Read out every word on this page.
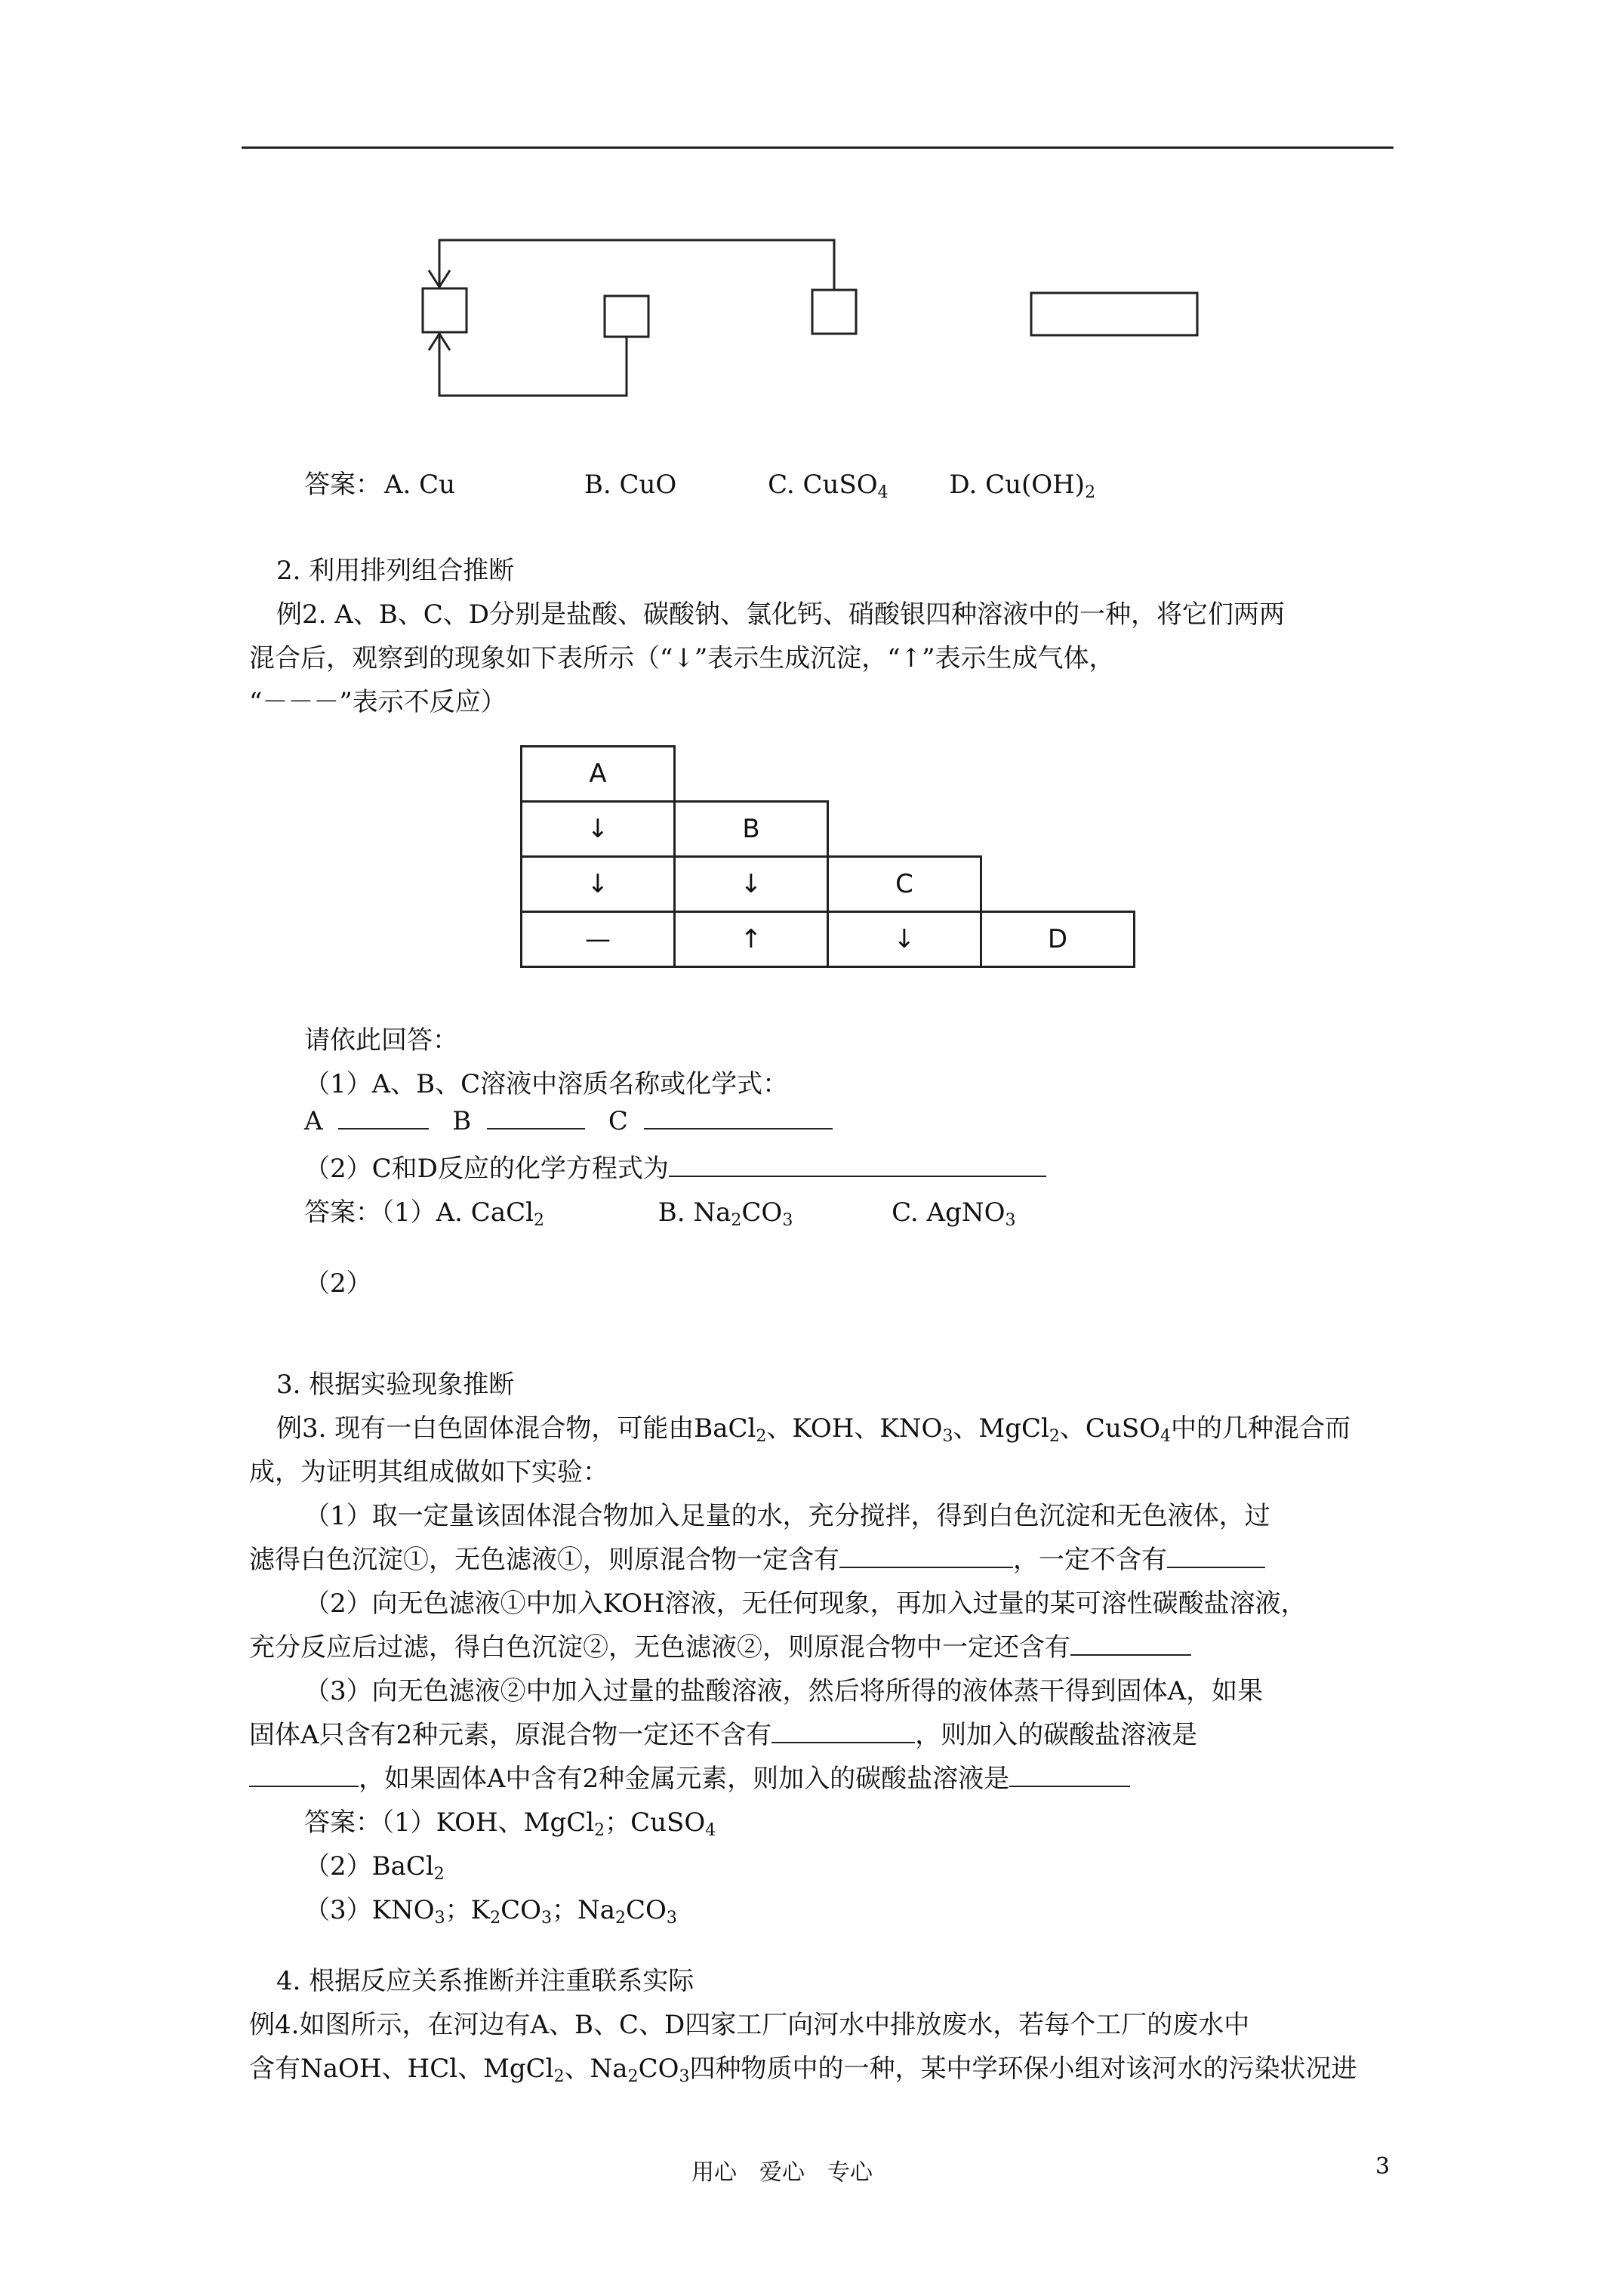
答案： A. Cu	B. CuO	C. CuSO$_4$ D. $Cu(OH)_2$
2. 利用排列组合推断
例2. A、B、C、D分别是盐酸、碳酸钠、氯化钙、硝酸银四种溶液中的一种，将它们两两
混合后，观察到的现象如下表所示（“↓”表示生成沉淀，“↑”表示生成气体，
“－－－”表示不反应）
A			
↓	B		
↓	↓	C	
—	↑	↓	D
请依此回答：
（1）A、B、C溶液中溶质名称或化学式：
A	B	C
（2）C和D反应的化学方程式为
答案：（1）A. CaCl$_2$	B. $Na_2CO_3$	C. AgNO$_3$
（2）
3. 根据实验现象推断
例3. 现有一白色固体混合物，可能由BaCl$_2$、KOH、$KNO_3$、MgCl$_2$、CuSO$_4$中的几种混合而
成，为证明其组成做如下实验：
（1）取一定量该固体混合物加入足量的水，充分搅拌，得到白色沉淀和无色液体，过
滤得白色沉淀①，无色滤液①，则原混合物一定含有	，一定不含有
（2）向无色滤液①中加入KOH溶液，无任何现象，再加入过量的某可溶性碳酸盐溶液，
充分反应后过滤，得白色沉淀②，无色滤液②，则原混合物中一定还含有
（3）向无色滤液②中加入过量的盐酸溶液，然后将所得的液体蒸干得到固体A，如果
固体A只含有2种元素，原混合物一定还不含有	，则加入的碳酸盐溶液是
，如果固体A中含有2种金属元素，则加入的碳酸盐溶液是
答案：（1）KOH、MgCl$_2$；CuSO$_4$
（2）BaCl$_2$
$(3)KNO_3$；$K_2CO_3$；$Na_2CO_3$
4. 根据反应关系推断并注重联系实际
例4.如图所示，在河边有A、B、C、D四家工厂向河水中排放废水，若每个工厂的废水中
含有NaOH、HCl、MgCl$_2$、$Na_2CO_3$四种物质中的一种，某中学环保小组对该河水的污染状况进
用心　爱心　专心	3
